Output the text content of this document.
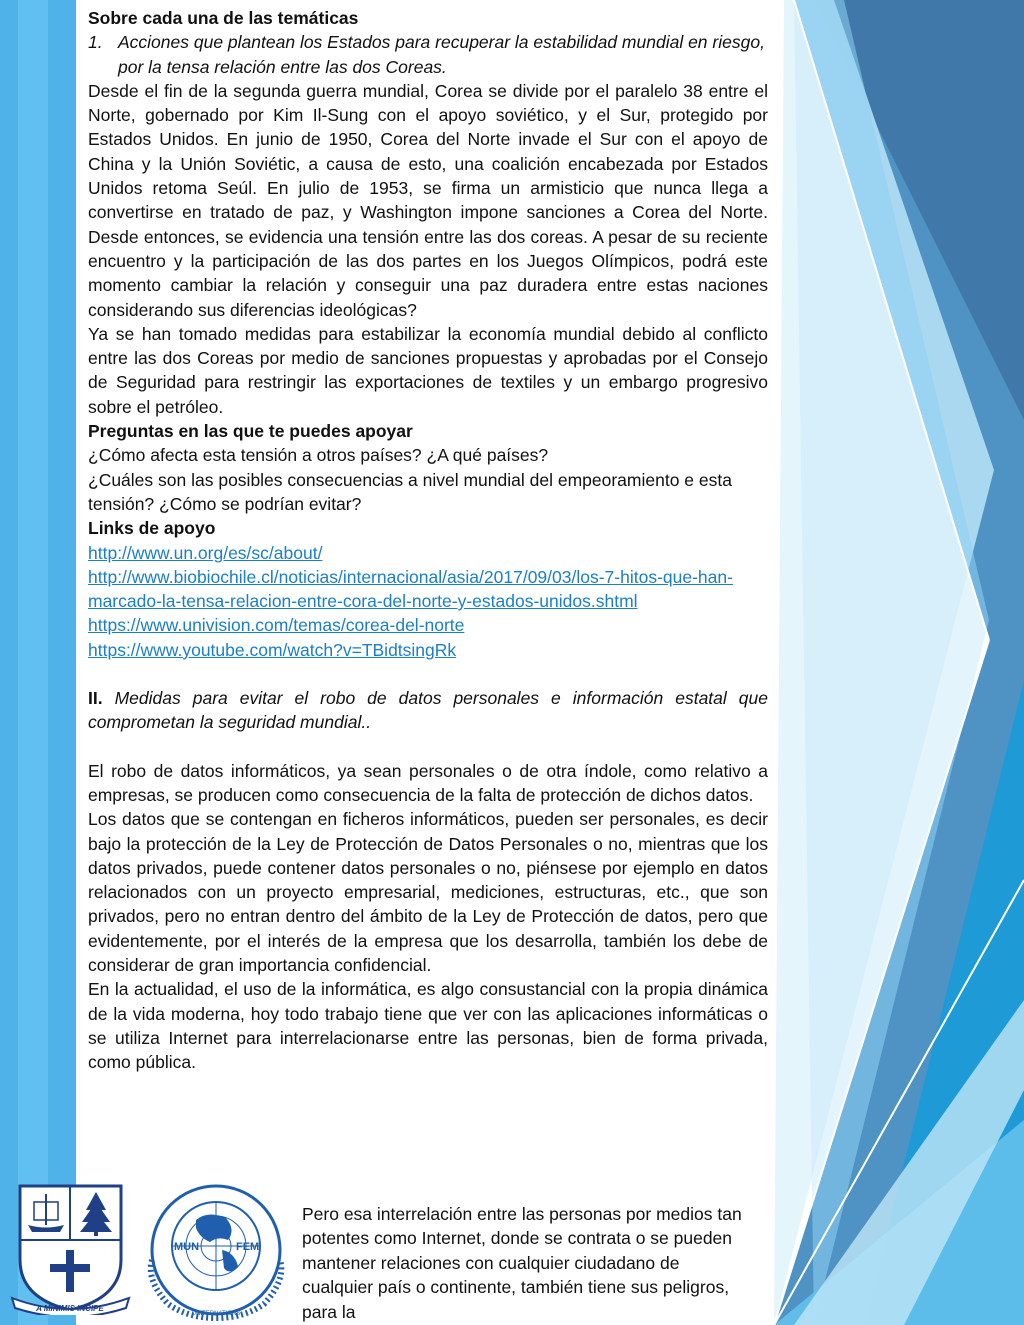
Sobre cada una de las temáticas

1. Acciones que plantean los Estados para recuperar la estabilidad mundial en riesgo, por la tensa relación entre las dos Coreas.

Desde el fin de la segunda guerra mundial, Corea se divide por el paralelo 38 entre el Norte, gobernado por Kim Il-Sung con el apoyo soviético, y el Sur, protegido por Estados Unidos. En junio de 1950, Corea del Norte invade el Sur con el apoyo de China y la Unión Soviétic, a causa de esto, una coalición encabezada por Estados Unidos retoma Seúl. En julio de 1953, se firma un armisticio que nunca llega a convertirse en tratado de paz, y Washington impone sanciones a Corea del Norte. Desde entonces, se evidencia una tensión entre las dos coreas. A pesar de su reciente encuentro y la participación de las dos partes en los Juegos Olímpicos, podrá este momento cambiar la relación y conseguir una paz duradera entre estas naciones considerando sus diferencias ideológicas?

Ya se han tomado medidas para estabilizar la economía mundial debido al conflicto entre las dos Coreas por medio de sanciones propuestas y aprobadas por el Consejo de Seguridad para restringir las exportaciones de textiles y un embargo progresivo sobre el petróleo.

Preguntas en las que te puedes apoyar

¿Cómo afecta esta tensión a otros países? ¿A qué países?

¿Cuáles son las posibles consecuencias a nivel mundial del empeoramiento e esta tensión? ¿Cómo se podrían evitar?

Links de apoyo

http://www.un.org/es/sc/about/
http://www.biobiochile.cl/noticias/internacional/asia/2017/09/03/los-7-hitos-que-han-marcado-la-tensa-relacion-entre-cora-del-norte-y-estados-unidos.shtml
https://www.univision.com/temas/corea-del-norte
https://www.youtube.com/watch?v=TBidtsingRk

II. Medidas para evitar el robo de datos personales e información estatal que comprometan la seguridad mundial..

El robo de datos informáticos, ya sean personales o de otra índole, como relativo a empresas, se producen como consecuencia de la falta de protección de dichos datos.

Los datos que se contengan en ficheros informáticos, pueden ser personales, es decir bajo la protección de la Ley de Protección de Datos Personales o no, mientras que los datos privados, puede contener datos personales o no, piénsese por ejemplo en datos relacionados con un proyecto empresarial, mediciones, estructuras, etc., que son privados, pero no entran dentro del ámbito de la Ley de Protección de datos, pero que evidentemente, por el interés de la empresa que los desarrolla, también los debe de considerar de gran importancia confidencial.

En la actualidad, el uso de la informática, es algo consustancial con la propia dinámica de la vida moderna, hoy todo trabajo tiene que ver con las aplicaciones informáticas o se utiliza Internet para interrelacionarse entre las personas, bien de forma privada, como pública.

A MINIMIS INCIPE
MUN	FEM
UNITEDNATIONS

Pero esa interrelación entre las personas por medios tan potentes como Internet, donde se contrata o se pueden mantener relaciones con cualquier ciudadano de cualquier país o continente, también tiene sus peligros, para la
